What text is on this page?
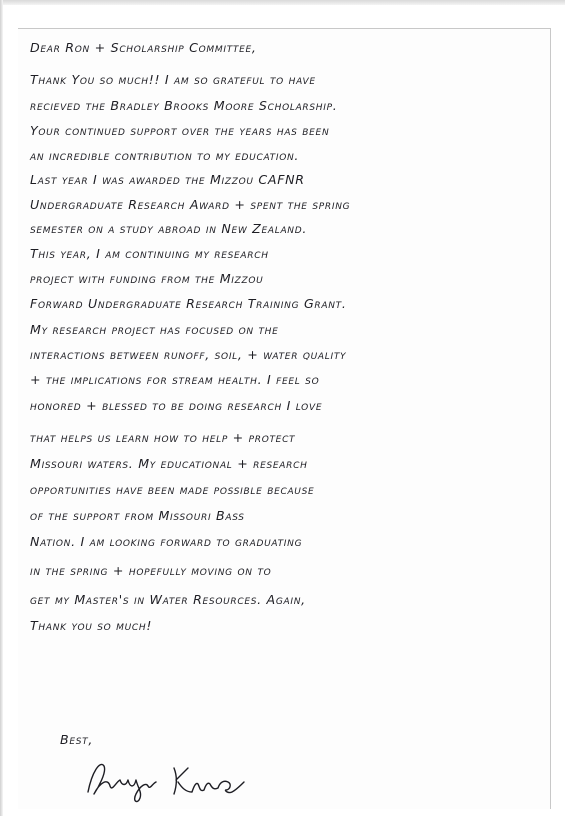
Dear Ron + Scholarship Committee,
Thank You so much!! I am so grateful to have
recieved the Bradley Brooks Moore Scholarship.
Your continued support over the years has been
an incredible contribution to my education.
Last year I was awarded the Mizzou CAFNR
Undergraduate Research Award + spent the spring
semester on a study abroad in New Zealand.
This year, I am continuing my research
project with funding from the Mizzou
Forward Undergraduate Research Training Grant.
My research project has focused on the
interactions between runoff, soil, + water quality
+ the implications for stream health. I feel so
honored + blessed to be doing research I love
that helps us learn how to help + protect
Missouri waters. My educational + research
opportunities have been made possible because
of the support from Missouri Bass
Nation. I am looking forward to graduating
in the spring + hopefully moving on to
get my Master's in Water Resources. Again,
Thank you so much!
Best,
